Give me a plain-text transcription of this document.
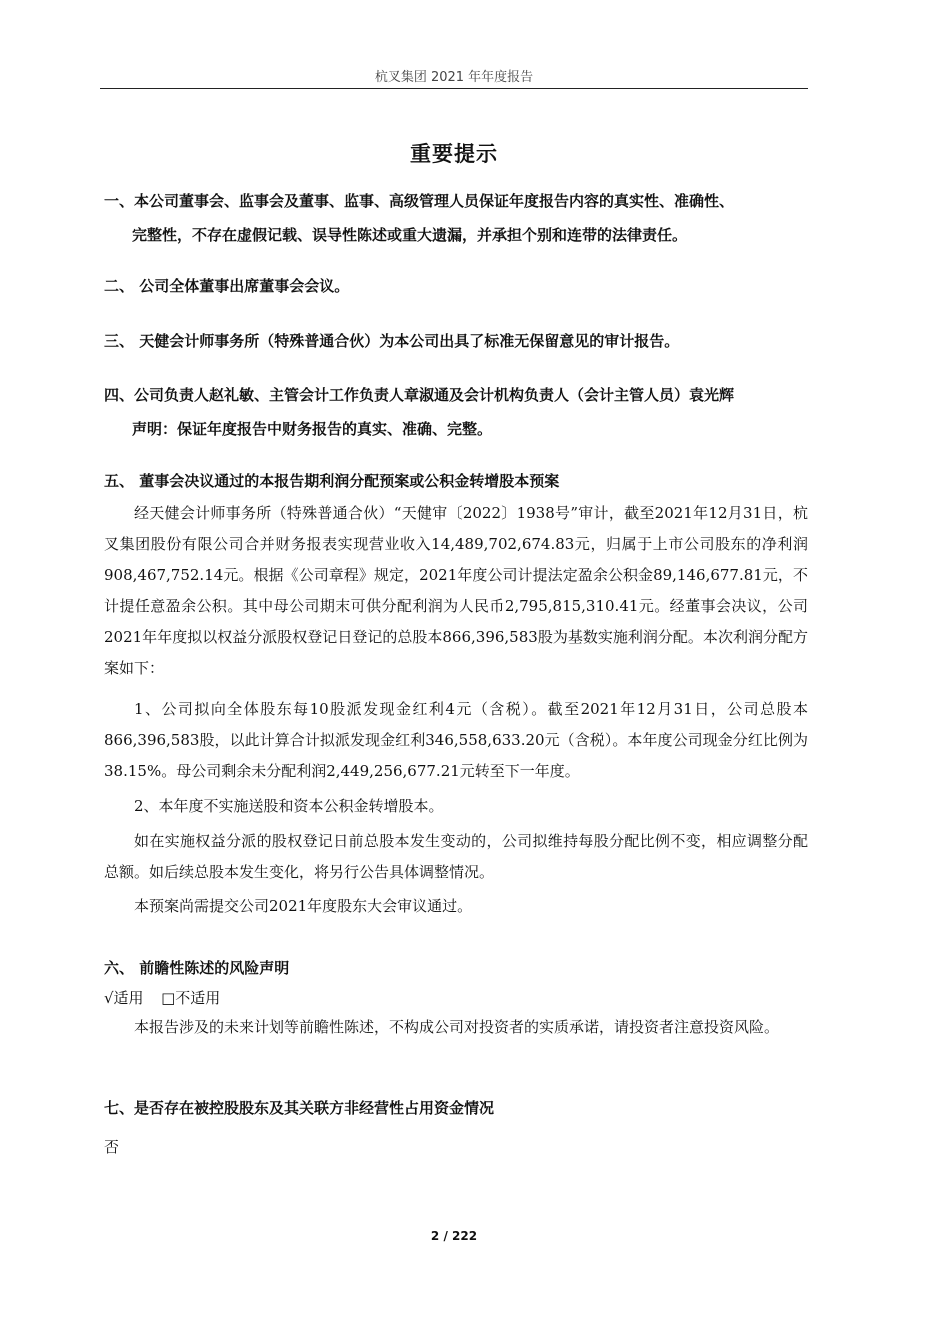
杭叉集团 2021 年年度报告
重要提示
一、本公司董事会、监事会及董事、监事、高级管理人员保证年度报告内容的真实性、准确性、
完整性，不存在虚假记载、误导性陈述或重大遗漏，并承担个别和连带的法律责任。
二、 公司全体董事出席董事会会议。
三、 天健会计师事务所（特殊普通合伙）为本公司出具了标准无保留意见的审计报告。
四、公司负责人赵礼敏、主管会计工作负责人章淑通及会计机构负责人（会计主管人员）袁光辉
声明：保证年度报告中财务报告的真实、准确、完整。
五、 董事会决议通过的本报告期利润分配预案或公积金转增股本预案
经天健会计师事务所（特殊普通合伙）“天健审〔2022〕1938号”审计，截至2021年12月31日，杭叉集团股份有限公司合并财务报表实现营业收入14,489,702,674.83元，归属于上市公司股东的净利润908,467,752.14元。根据《公司章程》规定，2021年度公司计提法定盈余公积金89,146,677.81元，不计提任意盈余公积。其中母公司期末可供分配利润为人民币2,795,815,310.41元。经董事会决议，公司2021年年度拟以权益分派股权登记日登记的总股本866,396,583股为基数实施利润分配。本次利润分配方案如下：
1、公司拟向全体股东每10股派发现金红利4元（含税）。截至2021年12月31日，公司总股本866,396,583股，以此计算合计拟派发现金红利346,558,633.20元（含税）。本年度公司现金分红比例为38.15%。母公司剩余未分配利润2,449,256,677.21元转至下一年度。
2、本年度不实施送股和资本公积金转增股本。
如在实施权益分派的股权登记日前总股本发生变动的，公司拟维持每股分配比例不变，相应调整分配总额。如后续总股本发生变化，将另行公告具体调整情况。
本预案尚需提交公司2021年度股东大会审议通过。
六、 前瞻性陈述的风险声明
√适用 □不适用
本报告涉及的未来计划等前瞻性陈述，不构成公司对投资者的实质承诺，请投资者注意投资风险。
七、是否存在被控股股东及其关联方非经营性占用资金情况
否
2 / 222
